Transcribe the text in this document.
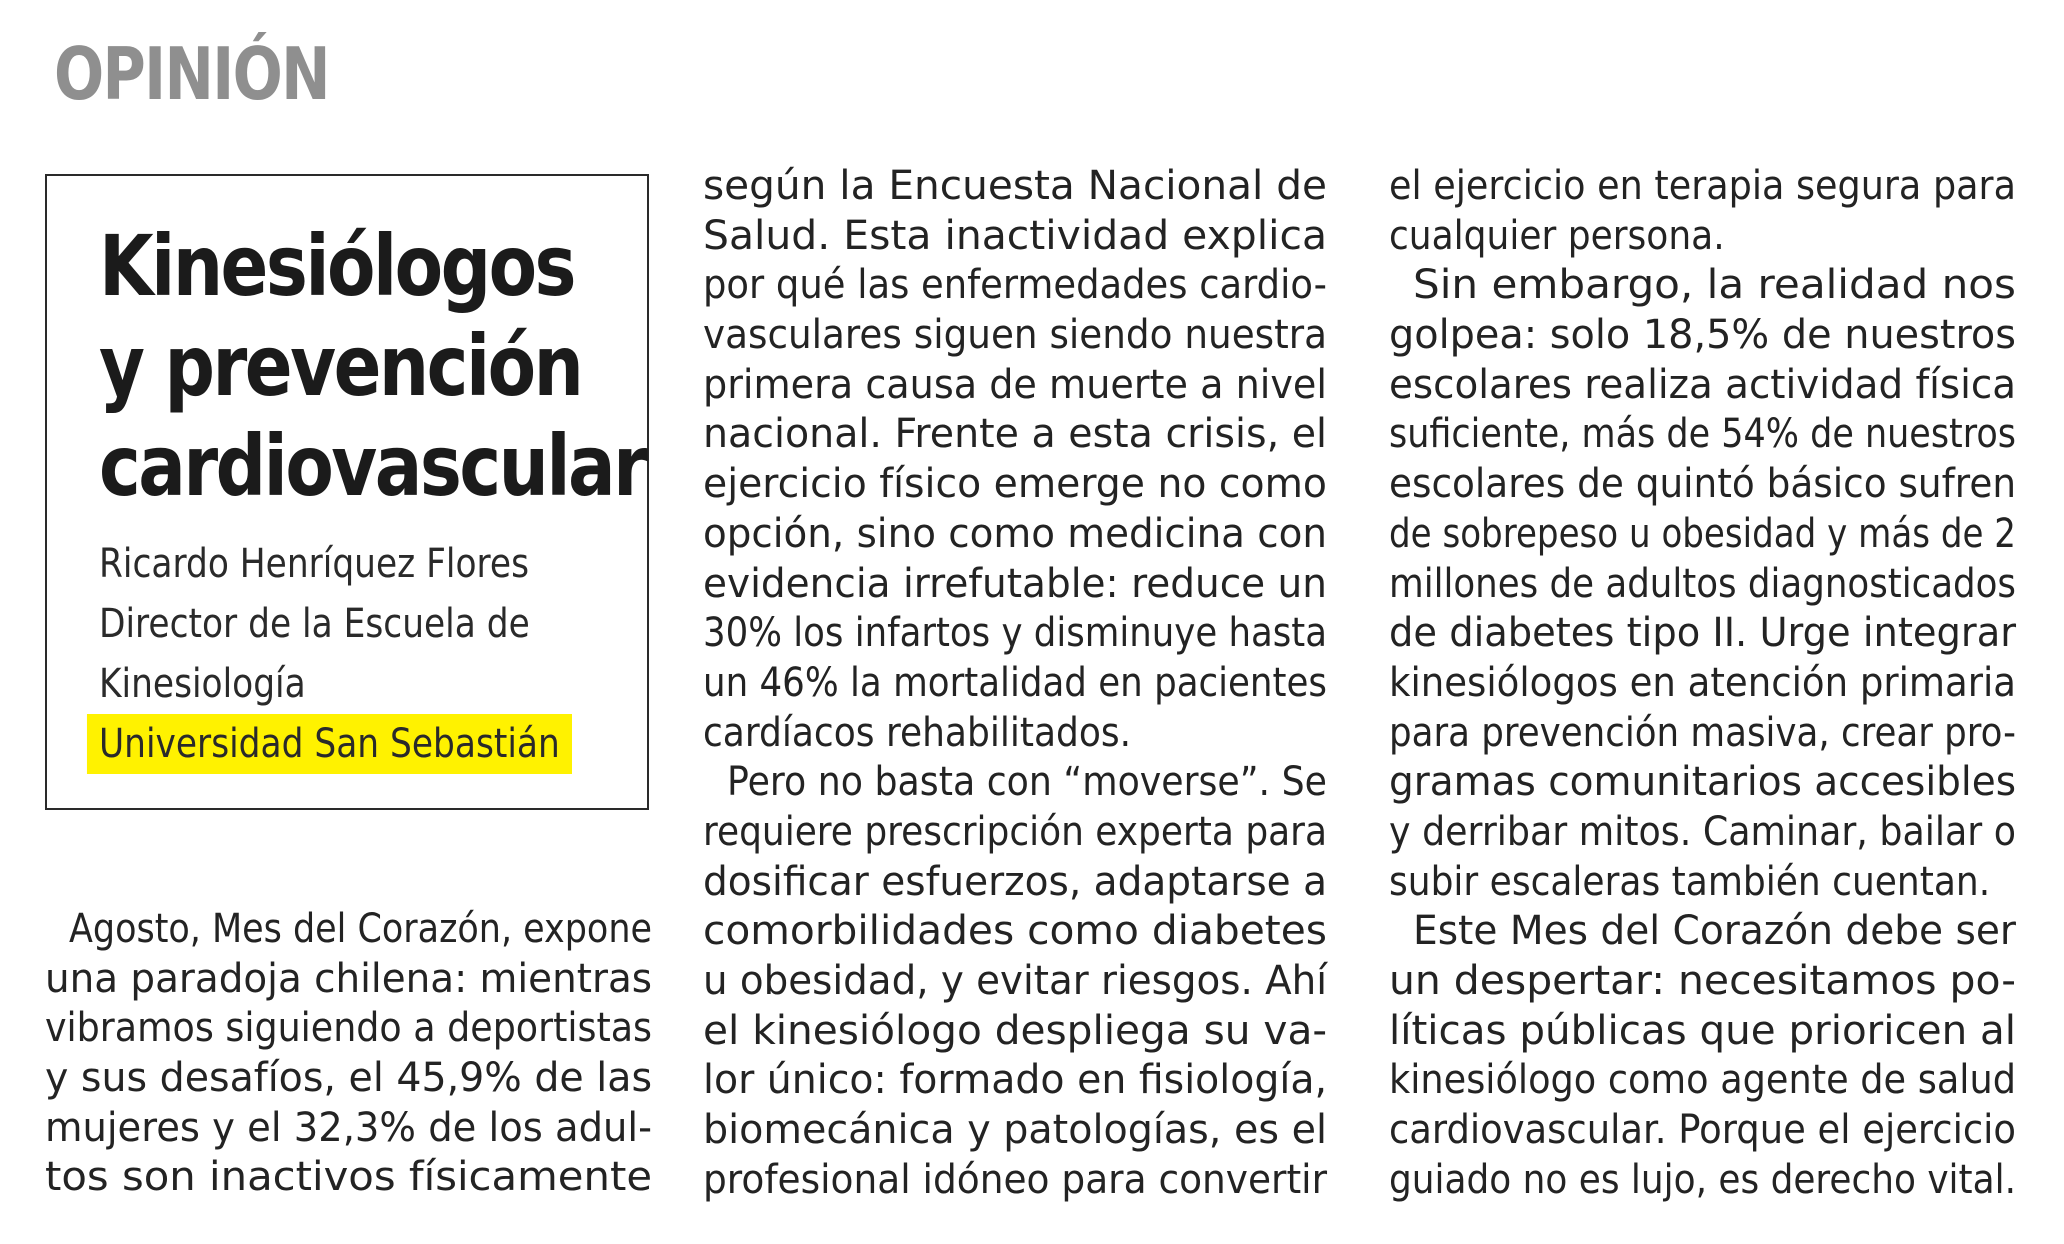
OPINIÓN
Kinesiólogos
y prevención
cardiovascular
Ricardo Henríquez Flores
Director de la Escuela de
Kinesiología
Universidad San Sebastián
Agosto, Mes del Corazón, expone
una paradoja chilena: mientras
vibramos siguiendo a deportistas
y sus desafíos, el 45,9% de las
mujeres y el 32,3% de los adul-
tos son inactivos físicamente
según la Encuesta Nacional de
Salud. Esta inactividad explica
por qué las enfermedades cardio-
vasculares siguen siendo nuestra
primera causa de muerte a nivel
nacional. Frente a esta crisis, el
ejercicio físico emerge no como
opción, sino como medicina con
evidencia irrefutable: reduce un
30% los infartos y disminuye hasta
un 46% la mortalidad en pacientes
cardíacos rehabilitados.
Pero no basta con “moverse”. Se
requiere prescripción experta para
dosificar esfuerzos, adaptarse a
comorbilidades como diabetes
u obesidad, y evitar riesgos. Ahí
el kinesiólogo despliega su va-
lor único: formado en fisiología,
biomecánica y patologías, es el
profesional idóneo para convertir
el ejercicio en terapia segura para
cualquier persona.
Sin embargo, la realidad nos
golpea: solo 18,5% de nuestros
escolares realiza actividad física
suficiente, más de 54% de nuestros
escolares de quintó básico sufren
de sobrepeso u obesidad y más de 2
millones de adultos diagnosticados
de diabetes tipo II. Urge integrar
kinesiólogos en atención primaria
para prevención masiva, crear pro-
gramas comunitarios accesibles
y derribar mitos. Caminar, bailar o
subir escaleras también cuentan.
Este Mes del Corazón debe ser
un despertar: necesitamos po-
líticas públicas que prioricen al
kinesiólogo como agente de salud
cardiovascular. Porque el ejercicio
guiado no es lujo, es derecho vital.
